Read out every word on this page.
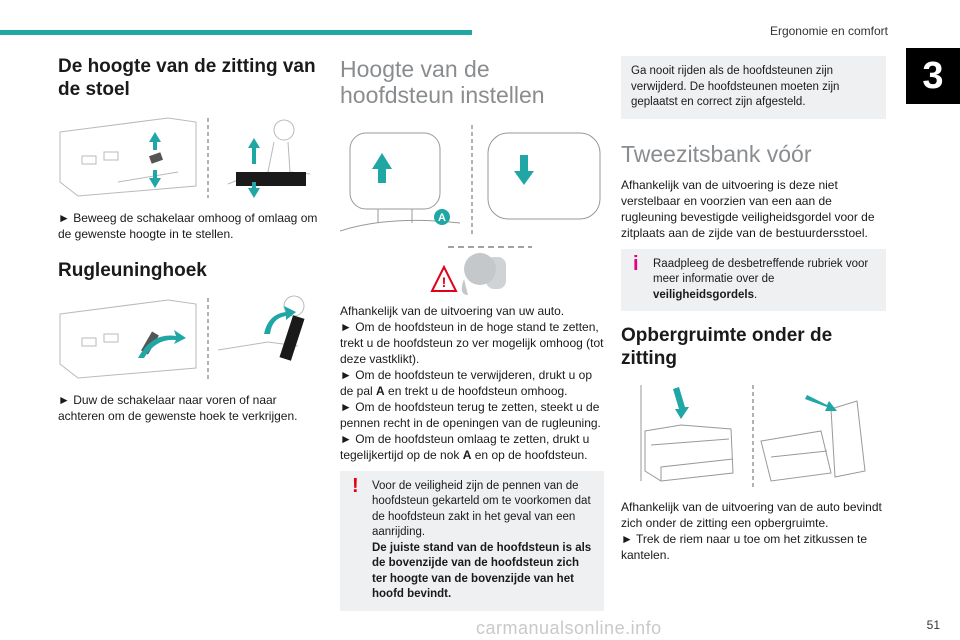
Ergonomie en comfort
3
De hoogte van de zitting van de stoel

► Beweeg de schakelaar omhoog of omlaag om de gewenste hoogte in te stellen.

Rugleuninghoek

► Duw de schakelaar naar voren of naar achteren om de gewenste hoek te verkrijgen.

Hoogte van de hoofdsteun instellen
A
!

Afhankelijk van de uitvoering van uw auto.

► Om de hoofdsteun in de hoge stand te zetten, trekt u de hoofdsteun zo ver mogelijk omhoog (tot deze vastklikt).

► Om de hoofdsteun te verwijderen, drukt u op de pal A en trekt u de hoofdsteun omhoog.

► Om de hoofdsteun terug te zetten, steekt u de pennen recht in de openingen van de rugleuning.

► Om de hoofdsteun omlaag te zetten, drukt u tegelijkertijd op de nok A en op de hoofdsteun.

! Voor de veiligheid zijn de pennen van de hoofdsteun gekarteld om te voorkomen dat de hoofdsteun zakt in het geval van een aanrijding.
De juiste stand van de hoofdsteun is als de bovenzijde van de hoofdsteun zich ter hoogte van de bovenzijde van het hoofd bevindt.
Ga nooit rijden als de hoofdsteunen zijn verwijderd. De hoofdsteunen moeten zijn geplaatst en correct zijn afgesteld.
Tweezitsbank vóór

Afhankelijk van de uitvoering is deze niet verstelbaar en voorzien van een aan de rugleuning bevestigde veiligheidsgordel voor de zitplaats aan de zijde van de bestuurdersstoel.

i Raadpleeg de desbetreffende rubriek voor meer informatie over de veiligheidsgordels.
Opbergruimte onder de zitting

Afhankelijk van de uitvoering van de auto bevindt zich onder de zitting een opbergruimte.

► Trek de riem naar u toe om het zitkussen te kantelen.

carmanualsonline.info	51
